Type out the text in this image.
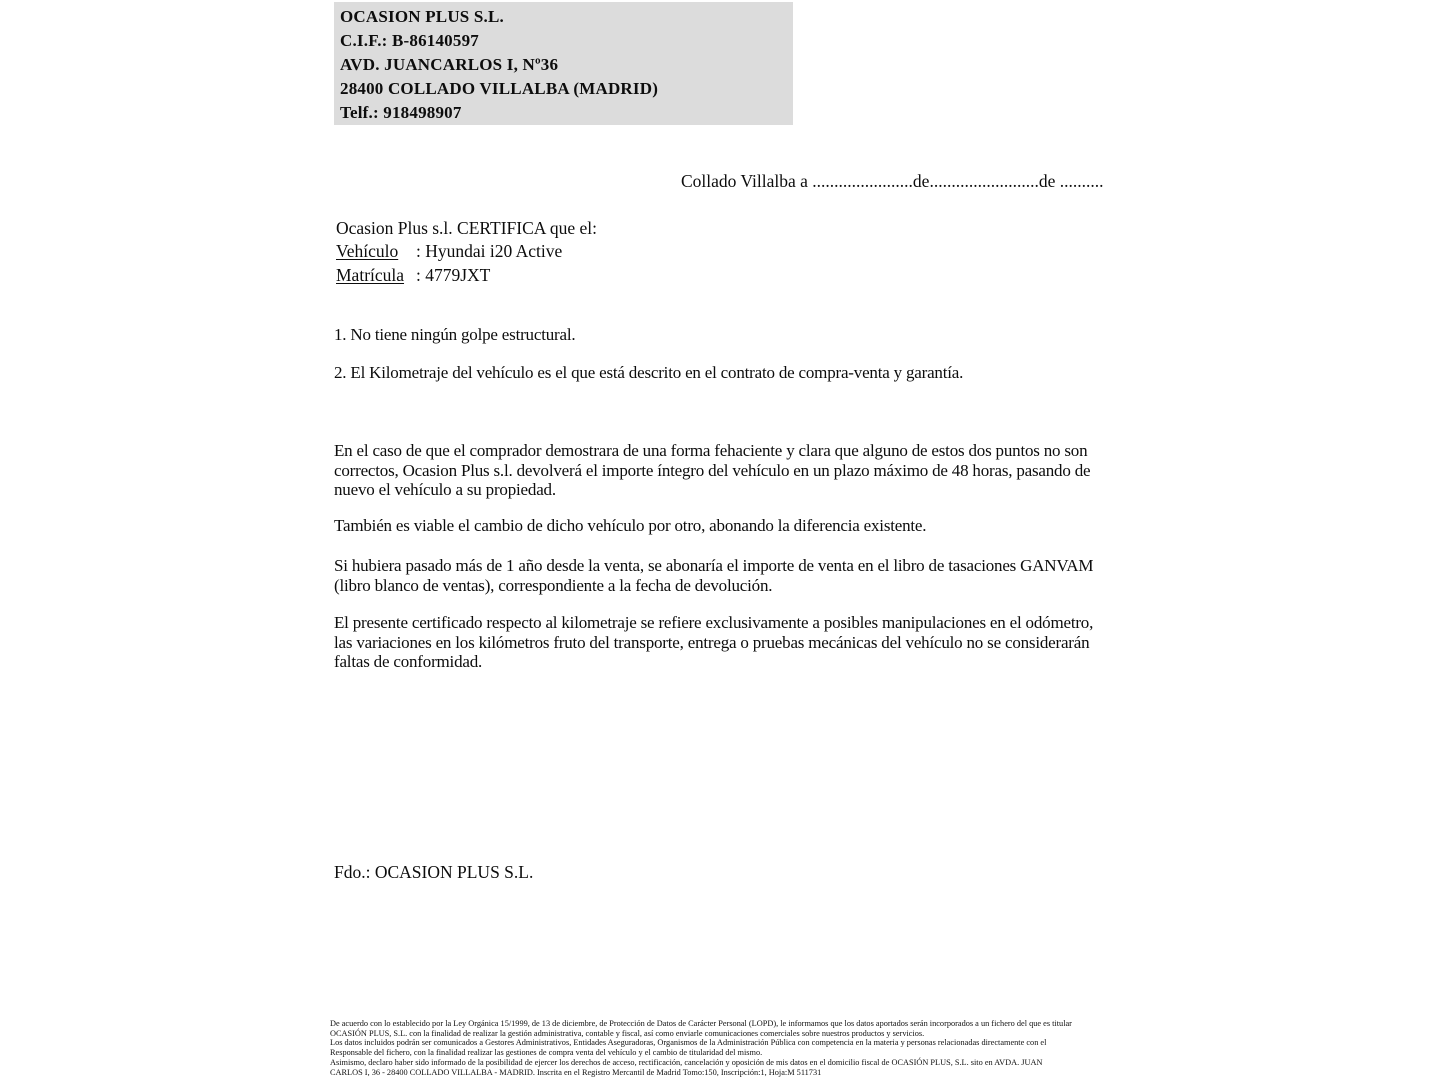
OCASION PLUS S.L.
C.I.F.: B-86140597
AVD. JUANCARLOS I, Nº36
28400 COLLADO VILLALBA (MADRID)
Telf.: 918498907
Collado Villalba a .......................de.........................de ..........
Ocasion Plus s.l. CERTIFICA que el:
Vehículo : Hyundai i20 Active
Matrícula : 4779JXT
1. No tiene ningún golpe estructural.
2. El Kilometraje del vehículo es el que está descrito en el contrato de compra-venta y garantía.
En el caso de que el comprador demostrara de una forma fehaciente y clara que alguno de estos dos puntos no son correctos, Ocasion Plus s.l. devolverá el importe íntegro del vehículo en un plazo máximo de 48 horas, pasando de nuevo el vehículo a su propiedad.
También es viable el cambio de dicho vehículo por otro, abonando la diferencia existente.
Si hubiera pasado más de 1 año desde la venta, se abonaría el importe de venta en el libro de tasaciones GANVAM (libro blanco de ventas), correspondiente a la fecha de devolución.
El presente certificado respecto al kilometraje se refiere exclusivamente a posibles manipulaciones en el odómetro, las variaciones en los kilómetros fruto del transporte, entrega o pruebas mecánicas del vehículo no se considerarán faltas de conformidad.
Fdo.: OCASION PLUS S.L.
De acuerdo con lo establecido por la Ley Orgánica 15/1999, de 13 de diciembre, de Protección de Datos de Carácter Personal (LOPD), le informamos que los datos aportados serán incorporados a un fichero del que es titular
OCASIÓN PLUS, S.L. con la finalidad de realizar la gestión administrativa, contable y fiscal, así como enviarle comunicaciones comerciales sobre nuestros productos y servicios.
Los datos incluidos podrán ser comunicados a Gestores Administrativos, Entidades Aseguradoras, Organismos de la Administración Pública con competencia en la materia y personas relacionadas directamente con el
Responsable del fichero, con la finalidad realizar las gestiones de compra venta del vehículo y el cambio de titularidad del mismo.
Asimismo, declaro haber sido informado de la posibilidad de ejercer los derechos de acceso, rectificación, cancelación y oposición de mis datos en el domicilio fiscal de OCASIÓN PLUS, S.L. sito en AVDA. JUAN
CARLOS I, 36 - 28400 COLLADO VILLALBA - MADRID. Inscrita en el Registro Mercantil de Madrid Tomo:150, Inscripción:1, Hoja:M 511731
